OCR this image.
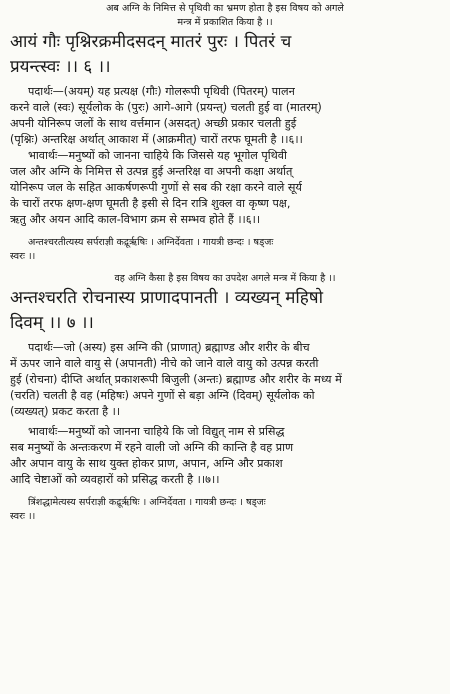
अब अग्नि के निमित्त से पृथिवी का भ्रमण होता है इस विषय को अगले
मन्त्र में प्रकाशित किया है ।।
आयं गौः पृश्निरक्रमीदसदन् मातरं पुरः । पितरं च
प्रयन्त्स्वः ।। ६ ।।
पदार्थः—(अयम्) यह प्रत्यक्ष (गौः) गोलरूपी पृथिवी (पितरम्) पालन
करने वाले (स्वः) सूर्यलोक के (पुरः) आगे-आगे (प्रयन्त्) चलती हुई वा (मातरम्)
अपनी योनिरूप जलों के साथ वर्त्तमान (असदत्) अच्छी प्रकार चलती हुई
(पृश्निः) अन्तरिक्ष अर्थात् आकाश में (आक्रमीत्) चारों तरफ घूमती है ।।६।।
भावार्थः—मनुष्यों को जानना चाहिये कि जिससे यह भूगोल पृथिवी
जल और अग्नि के निमित्त से उत्पन्न हुई अन्तरिक्ष वा अपनी कक्षा अर्थात्
योनिरूप जल के सहित आकर्षणरूपी गुणों से सब की रक्षा करने वाले सूर्य
के चारों तरफ क्षण-क्षण घूमती है इसी से दिन रात्रि शुक्ल वा कृष्ण पक्ष,
ऋतु और अयन आदि काल-विभाग क्रम से सम्भव होते हैं ।।६।।
अन्तश्चरतीत्यस्य सर्पराज्ञी कद्रूर्ऋषिः । अग्निर्देवता । गायत्री छन्दः । षड्जः
स्वरः ।।
वह अग्नि कैसा है इस विषय का उपदेश अगले मन्त्र में किया है ।।
अन्तश्चरति रोचनास्य प्राणादपानती । व्यख्यन् महिषो
दिवम् ।। ७ ।।
पदार्थः—जो (अस्य) इस अग्नि की (प्राणात्) ब्रह्माण्ड और शरीर के बीच
में ऊपर जाने वाले वायु से (अपानती) नीचे को जाने वाले वायु को उत्पन्न करती
हुई (रोचना) दीप्ति अर्थात् प्रकाशरूपी बिजुली (अन्तः) ब्रह्माण्ड और शरीर के मध्य में
(चरति) चलती है वह (महिषः) अपने गुणों से बड़ा अग्नि (दिवम्) सूर्यलोक को
(व्यख्यत्) प्रकट करता है ।।
भावार्थः—मनुष्यों को जानना चाहिये कि जो विद्युत् नाम से प्रसिद्ध
सब मनुष्यों के अन्तःकरण में रहने वाली जो अग्नि की कान्ति है वह प्राण
और अपान वायु के साथ युक्त होकर प्राण, अपान, अग्नि और प्रकाश
आदि चेष्टाओं को व्यवहारों को प्रसिद्ध करती है ।।७।।
त्रिंशद्धामेत्यस्य सर्पराज्ञी कद्रूर्ऋषिः । अग्निर्देवता । गायत्री छन्दः । षड्जः
स्वरः ।।
